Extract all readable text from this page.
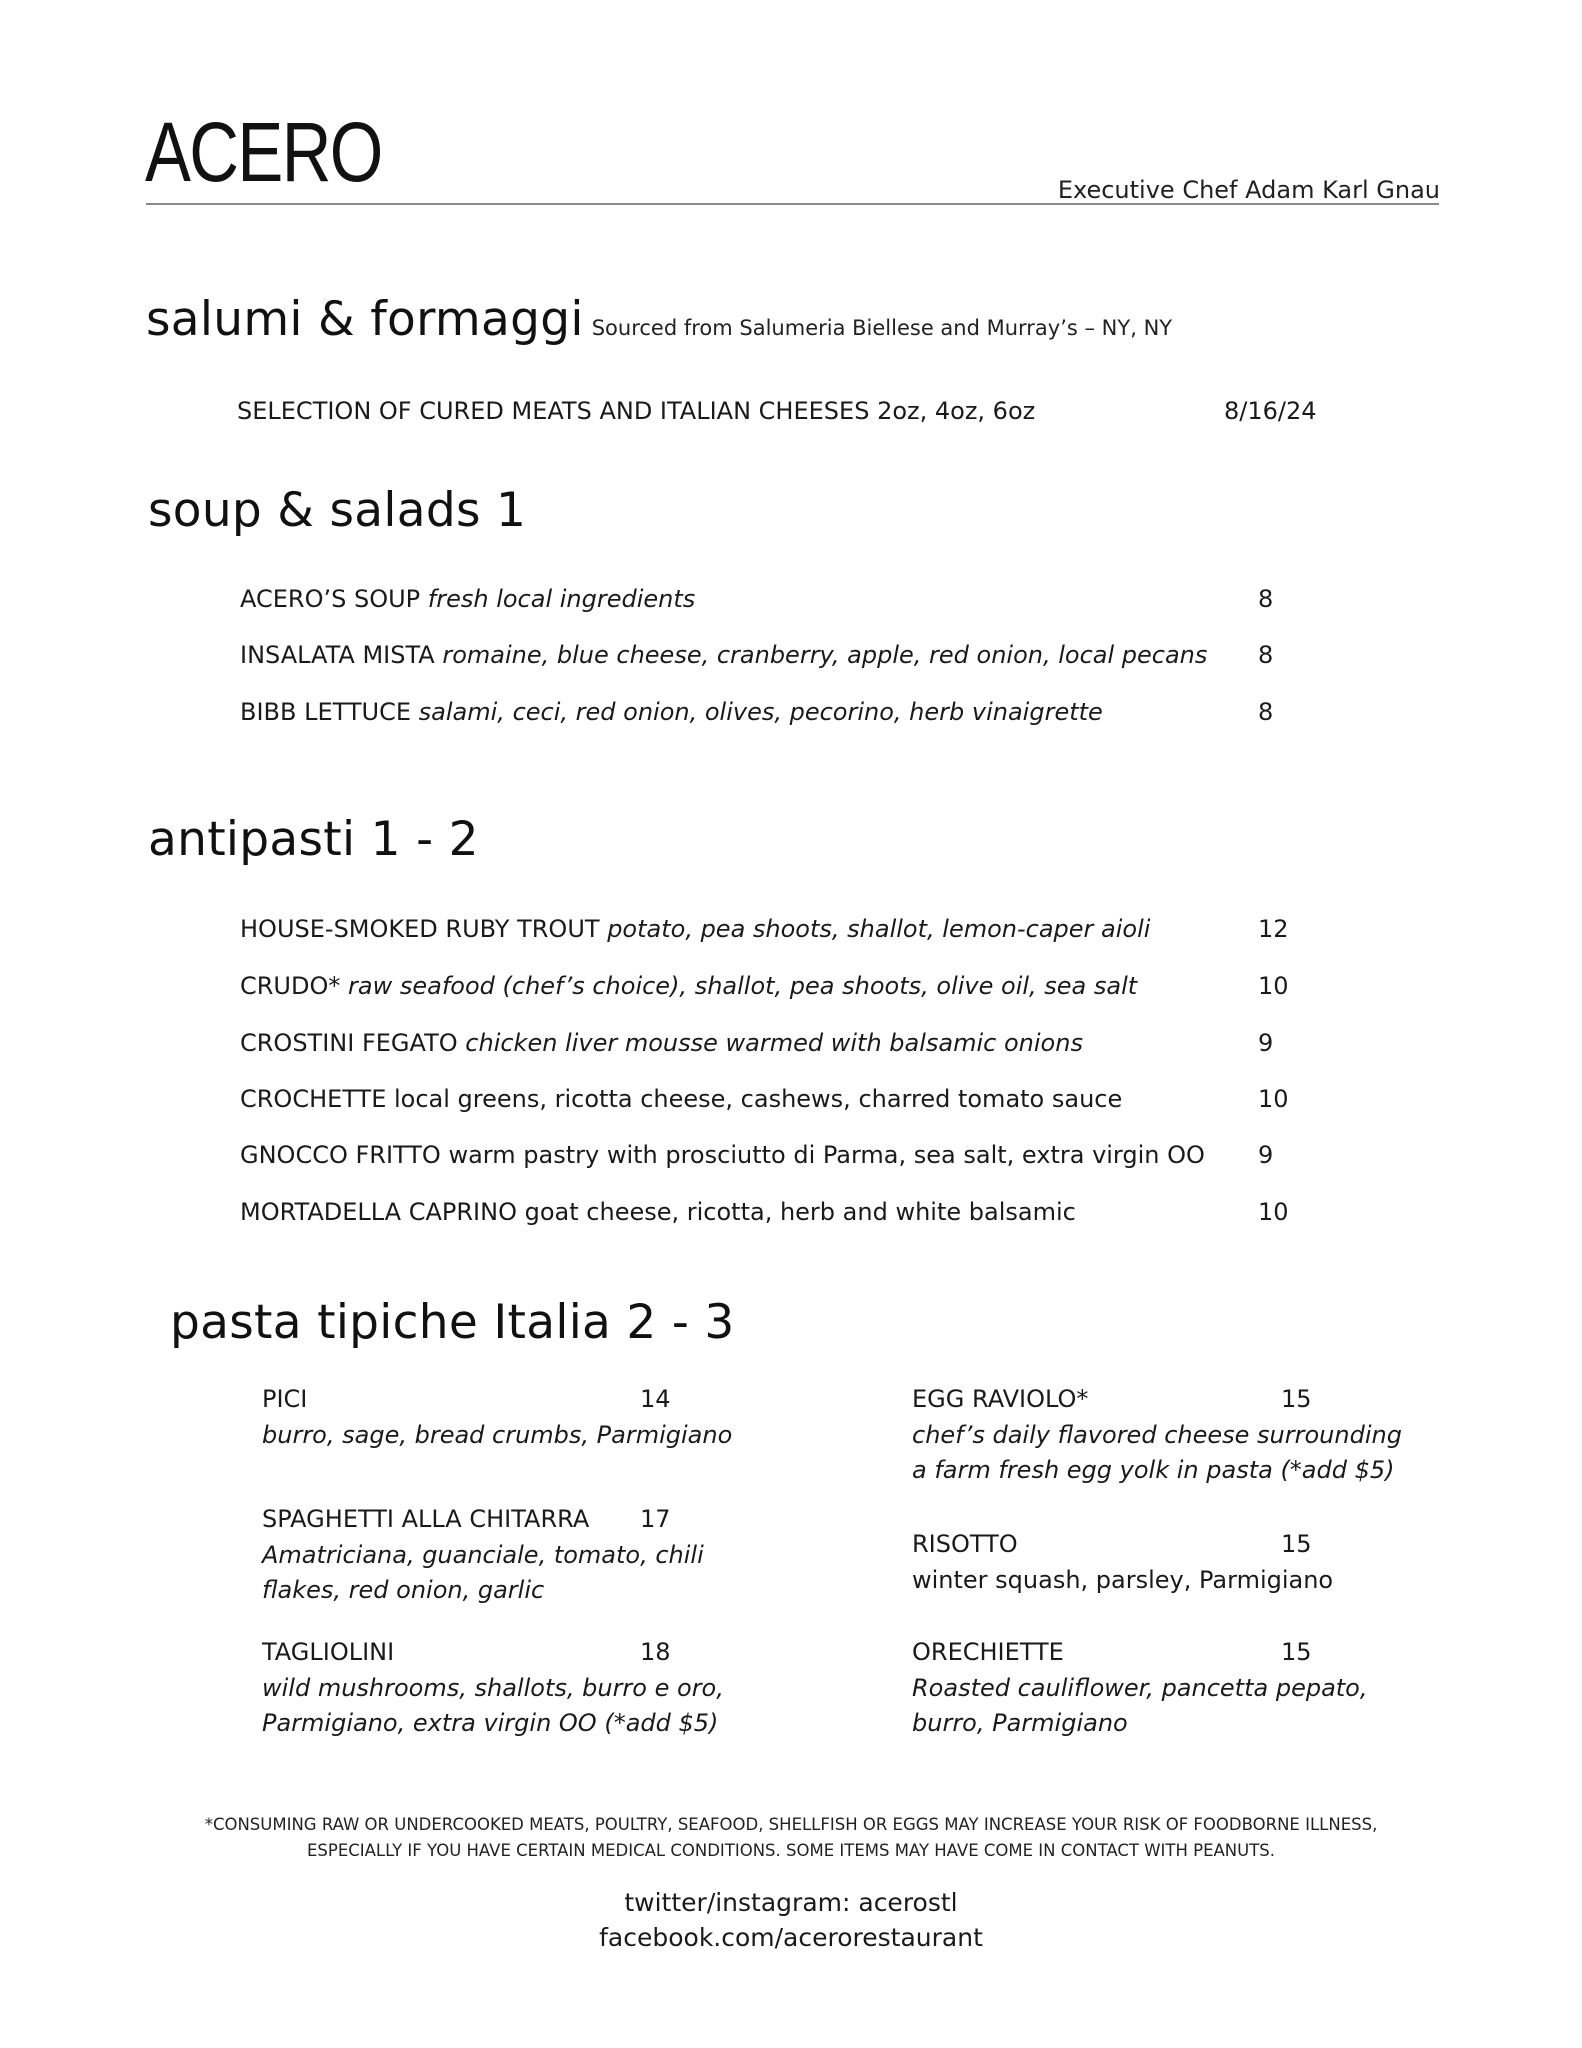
ACERO	Executive Chef Adam Karl Gnau
salumi & formaggi Sourced from Salumeria Biellese and Murray’s – NY, NY
SELECTION OF CURED MEATS AND ITALIAN CHEESES 2oz, 4oz, 6oz	8/16/24
soup & salads 1
ACERO’S SOUP fresh local ingredients	8
INSALATA MISTA romaine, blue cheese, cranberry, apple, red onion, local pecans 8
BIBB LETTUCE salami, ceci, red onion, olives, pecorino, herb vinaigrette	8
antipasti 1 - 2
HOUSE-SMOKED RUBY TROUT potato, pea shoots, shallot, lemon-caper aioli	12
CRUDO* raw seafood (chef’s choice), shallot, pea shoots, olive oil, sea salt	10
CROSTINI FEGATO chicken liver mousse warmed with balsamic onions	9
CROCHETTE local greens, ricotta cheese, cashews, charred tomato sauce	10
GNOCCO FRITTO warm pastry with prosciutto di Parma, sea salt, extra virgin OO 9
MORTADELLA CAPRINO goat cheese, ricotta, herb and white balsamic	10
pasta tipiche Italia 2 - 3
PICI	14
burro, sage, bread crumbs, Parmigiano
SPAGHETTI ALLA CHITARRA 17
Amatriciana, guanciale, tomato, chili
flakes, red onion, garlic
TAGLIOLINI	18
wild mushrooms, shallots, burro e oro,
Parmigiano, extra virgin OO (*add $5)
EGG RAVIOLO*	15
chef’s daily flavored cheese surrounding
a farm fresh egg yolk in pasta (*add $5)
RISOTTO	15
winter squash, parsley, Parmigiano
ORECHIETTE	15
Roasted cauliflower, pancetta pepato,
burro, Parmigiano
*CONSUMING RAW OR UNDERCOOKED MEATS, POULTRY, SEAFOOD, SHELLFISH OR EGGS MAY INCREASE YOUR RISK OF FOODBORNE ILLNESS,
ESPECIALLY IF YOU HAVE CERTAIN MEDICAL CONDITIONS. SOME ITEMS MAY HAVE COME IN CONTACT WITH PEANUTS.
twitter/instagram: acerostl
facebook.com/acerorestaurant
